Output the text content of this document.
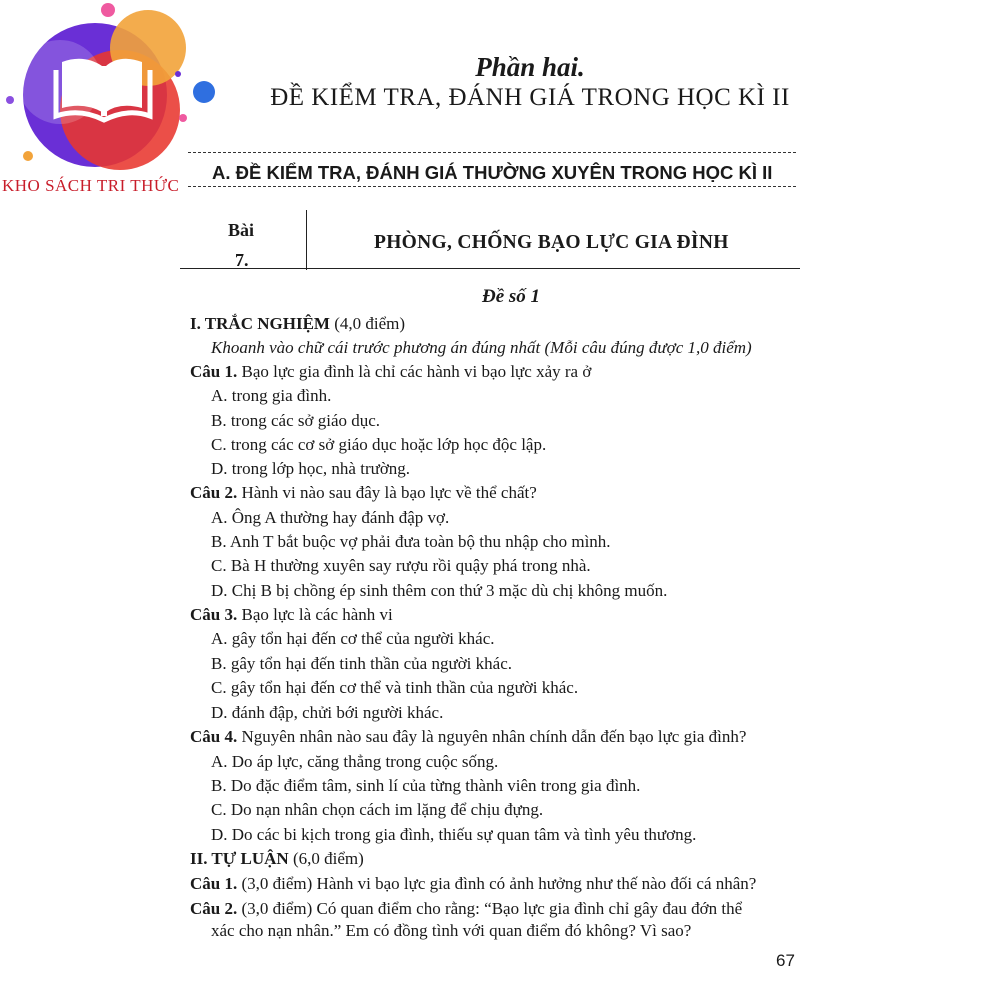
KHO SÁCH TRI THỨC
Phần hai.
ĐỀ KIỂM TRA, ĐÁNH GIÁ TRONG HỌC KÌ II
A. ĐỀ KIỂM TRA, ĐÁNH GIÁ THƯỜNG XUYÊN TRONG HỌC KÌ II
Bài
7.
PHÒNG, CHỐNG BẠO LỰC GIA ĐÌNH
Đề số 1
I. TRẮC NGHIỆM (4,0 điểm)
Khoanh vào chữ cái trước phương án đúng nhất (Mỗi câu đúng được 1,0 điểm)
Câu 1. Bạo lực gia đình là chỉ các hành vi bạo lực xảy ra ở
A. trong gia đình.
B. trong các sở giáo dục.
C. trong các cơ sở giáo dục hoặc lớp học độc lập.
D. trong lớp học, nhà trường.
Câu 2. Hành vi nào sau đây là bạo lực về thể chất?
A. Ông A thường hay đánh đập vợ.
B. Anh T bắt buộc vợ phải đưa toàn bộ thu nhập cho mình.
C. Bà H thường xuyên say rượu rồi quậy phá trong nhà.
D. Chị B bị chồng ép sinh thêm con thứ 3 mặc dù chị không muốn.
Câu 3. Bạo lực là các hành vi
A. gây tổn hại đến cơ thể của người khác.
B. gây tổn hại đến tinh thần của người khác.
C. gây tổn hại đến cơ thể và tinh thần của người khác.
D. đánh đập, chửi bới người khác.
Câu 4. Nguyên nhân nào sau đây là nguyên nhân chính dẫn đến bạo lực gia đình?
A. Do áp lực, căng thẳng trong cuộc sống.
B. Do đặc điểm tâm, sinh lí của từng thành viên trong gia đình.
C. Do nạn nhân chọn cách im lặng để chịu đựng.
D. Do các bi kịch trong gia đình, thiếu sự quan tâm và tình yêu thương.
II. TỰ LUẬN (6,0 điểm)
Câu 1. (3,0 điểm) Hành vi bạo lực gia đình có ảnh hưởng như thế nào đối cá nhân?
Câu 2. (3,0 điểm) Có quan điểm cho rằng: “Bạo lực gia đình chỉ gây đau đớn thể
xác cho nạn nhân.” Em có đồng tình với quan điểm đó không? Vì sao?
67
